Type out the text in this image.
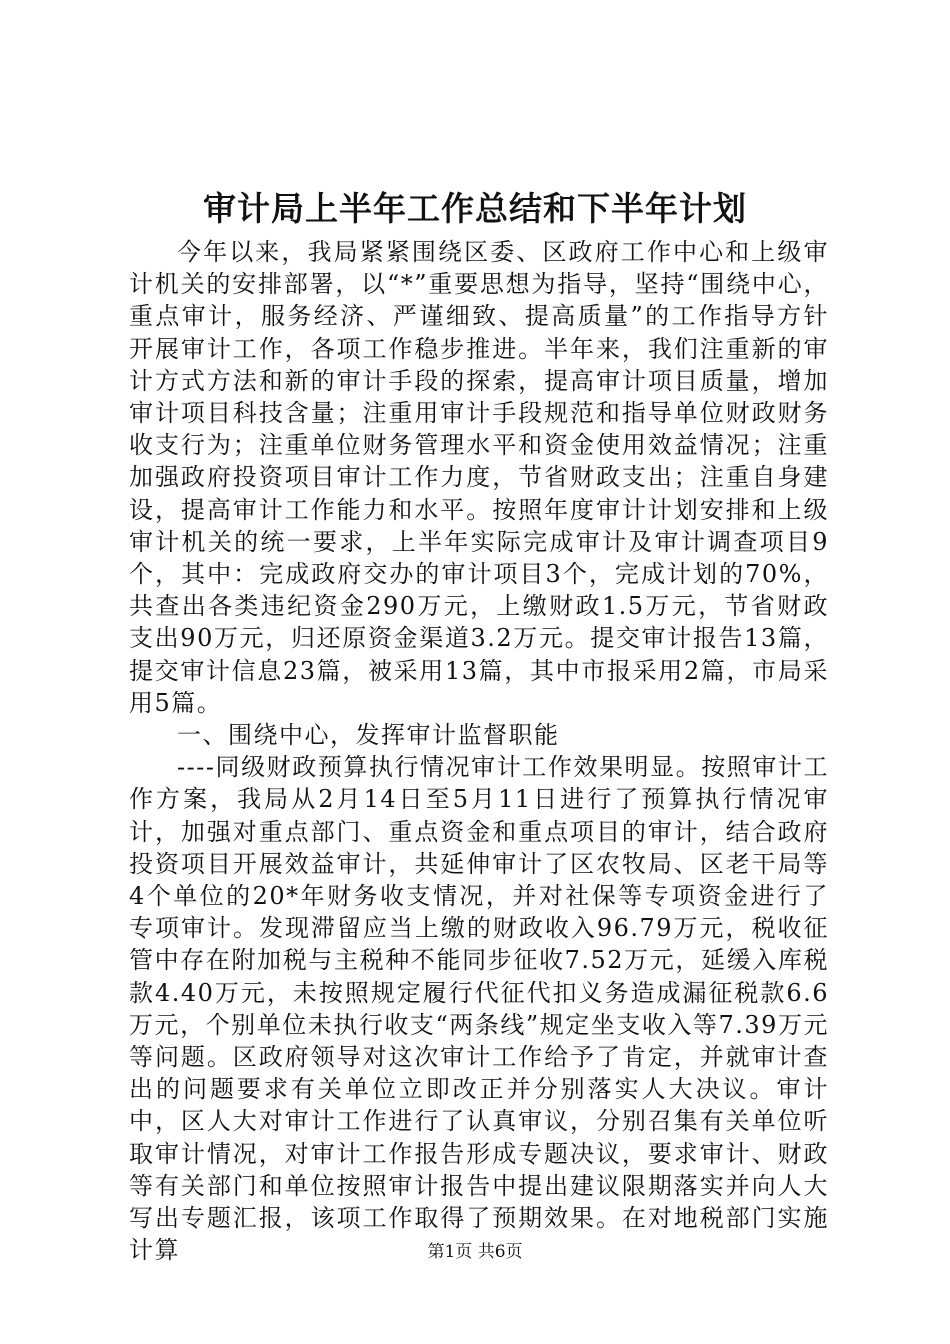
审计局上半年工作总结和下半年计划

今年以来，我局紧紧围绕区委、区政府工作中心和上级审计机关的安排部署，以“*”重要思想为指导，坚持“围绕中心，重点审计，服务经济、严谨细致、提高质量”的工作指导方针开展审计工作，各项工作稳步推进。半年来，我们注重新的审计方式方法和新的审计手段的探索，提高审计项目质量，增加审计项目科技含量；注重用审计手段规范和指导单位财政财务收支行为；注重单位财务管理水平和资金使用效益情况；注重加强政府投资项目审计工作力度，节省财政支出；注重自身建设，提高审计工作能力和水平。按照年度审计计划安排和上级审计机关的统一要求，上半年实际完成审计及审计调查项目9个，其中：完成政府交办的审计项目3个，完成计划的70%，共查出各类违纪资金290万元，上缴财政1.5万元，节省财政支出90万元，归还原资金渠道3.2万元。提交审计报告13篇，提交审计信息23篇，被采用13篇，其中市报采用2篇，市局采用5篇。

一、围绕中心，发挥审计监督职能

----同级财政预算执行情况审计工作效果明显。按照审计工作方案，我局从2月14日至5月11日进行了预算执行情况审计，加强对重点部门、重点资金和重点项目的审计，结合政府投资项目开展效益审计，共延伸审计了区农牧局、区老干局等4个单位的20*年财务收支情况，并对社保等专项资金进行了专项审计。发现滞留应当上缴的财政收入96.79万元，税收征管中存在附加税与主税种不能同步征收7.52万元，延缓入库税款4.40万元，未按照规定履行代征代扣义务造成漏征税款6.6万元，个别单位未执行收支“两条线”规定坐支收入等7.39万元等问题。区政府领导对这次审计工作给予了肯定，并就审计查出的问题要求有关单位立即改正并分别落实人大决议。审计中，区人大对审计工作进行了认真审议，分别召集有关单位听取审计情况，对审计工作报告形成专题决议，要求审计、财政等有关部门和单位按照审计报告中提出建议限期落实并向人大写出专题汇报，该项工作取得了预期效果。在对地税部门实施计算	第1页 共6页
